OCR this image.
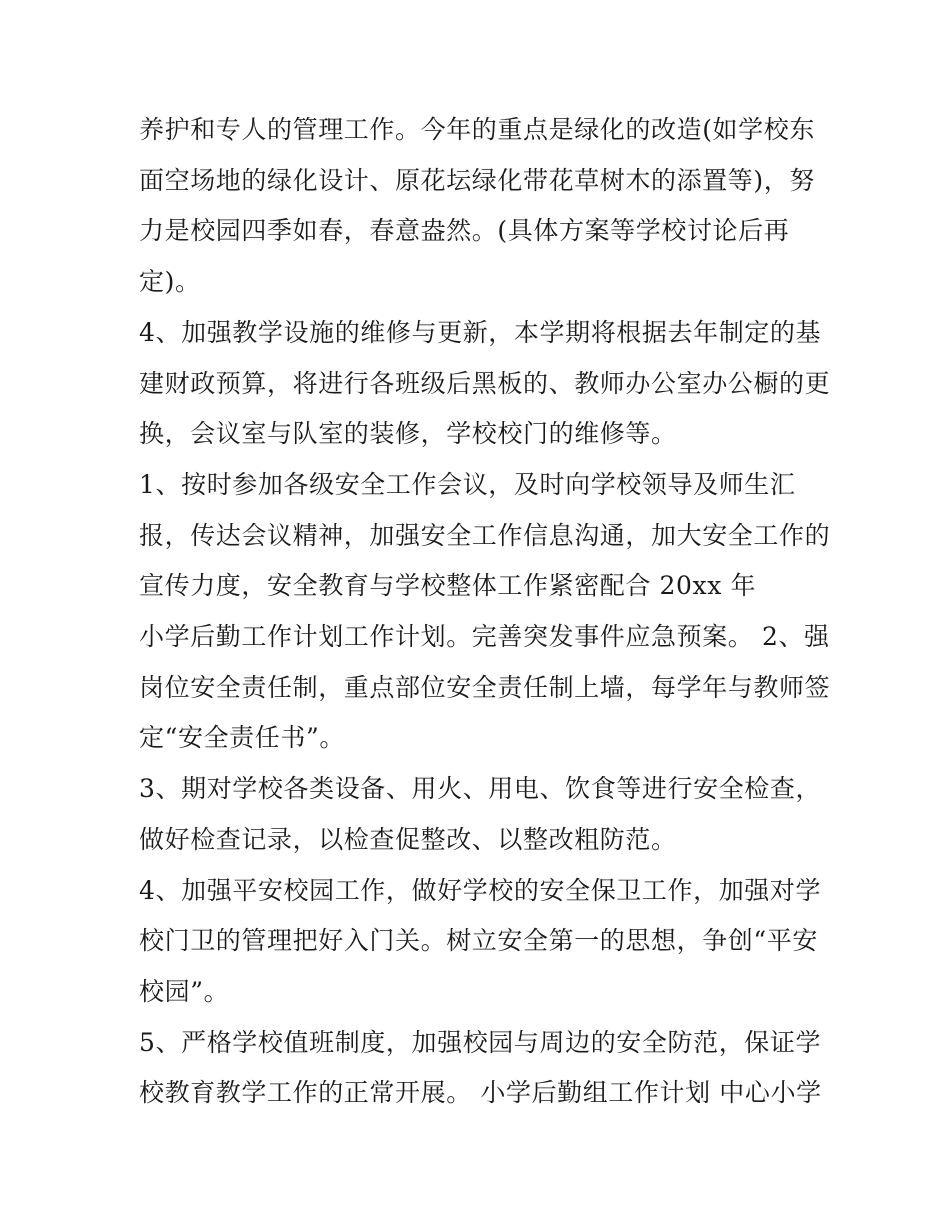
养护和专人的管理工作。今年的重点是绿化的改造(如学校东
面空场地的绿化设计、原花坛绿化带花草树木的添置等)，努
力是校园四季如春，春意盎然。(具体方案等学校讨论后再
定)。
4、加强教学设施的维修与更新，本学期将根据去年制定的基
建财政预算，将进行各班级后黑板的、教师办公室办公橱的更
换，会议室与队室的装修，学校校门的维修等。
1、按时参加各级安全工作会议，及时向学校领导及师生汇
报，传达会议精神，加强安全工作信息沟通，加大安全工作的
宣传力度，安全教育与学校整体工作紧密配合 20xx 年
小学后勤工作计划工作计划。完善突发事件应急预案。 2、强
岗位安全责任制，重点部位安全责任制上墙，每学年与教师签
定“安全责任书”。
3、期对学校各类设备、用火、用电、饮食等进行安全检查，
做好检查记录，以检查促整改、以整改粗防范。
4、加强平安校园工作，做好学校的安全保卫工作，加强对学
校门卫的管理把好入门关。树立安全第一的思想，争创“平安
校园”。
5、严格学校值班制度，加强校园与周边的安全防范，保证学
校教育教学工作的正常开展。 小学后勤组工作计划 中心小学
